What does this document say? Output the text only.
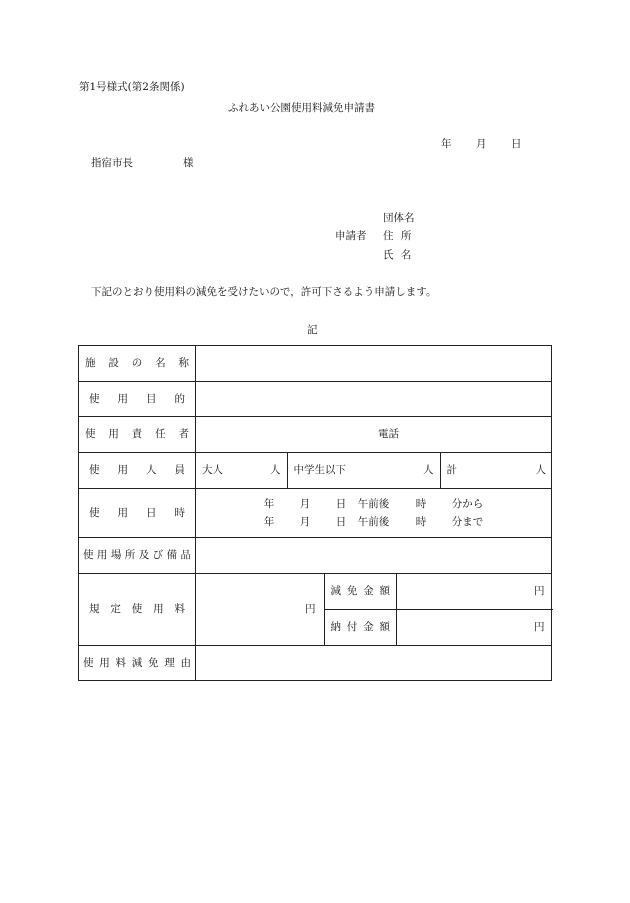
第1号様式(第2条関係)
ふれあい公園使用料減免申請書
年 月 日
指宿市長	様
団体名
申請者 住 所
氏 名
下記のとおり使用料の減免を受けたいので，許可下さるよう申請します。
記
施設の名称	
使用目的	
使用責任者	電話
使用人員	大人	人	中学生以下	人	計	人

使用日時	
年	月	日	午前後	時	分から
年	月	日	午前後	時	分まで

使用場所及び備品	
規定使用料		円	
減免金額	円
納付金額	円

使用料減免理由	
